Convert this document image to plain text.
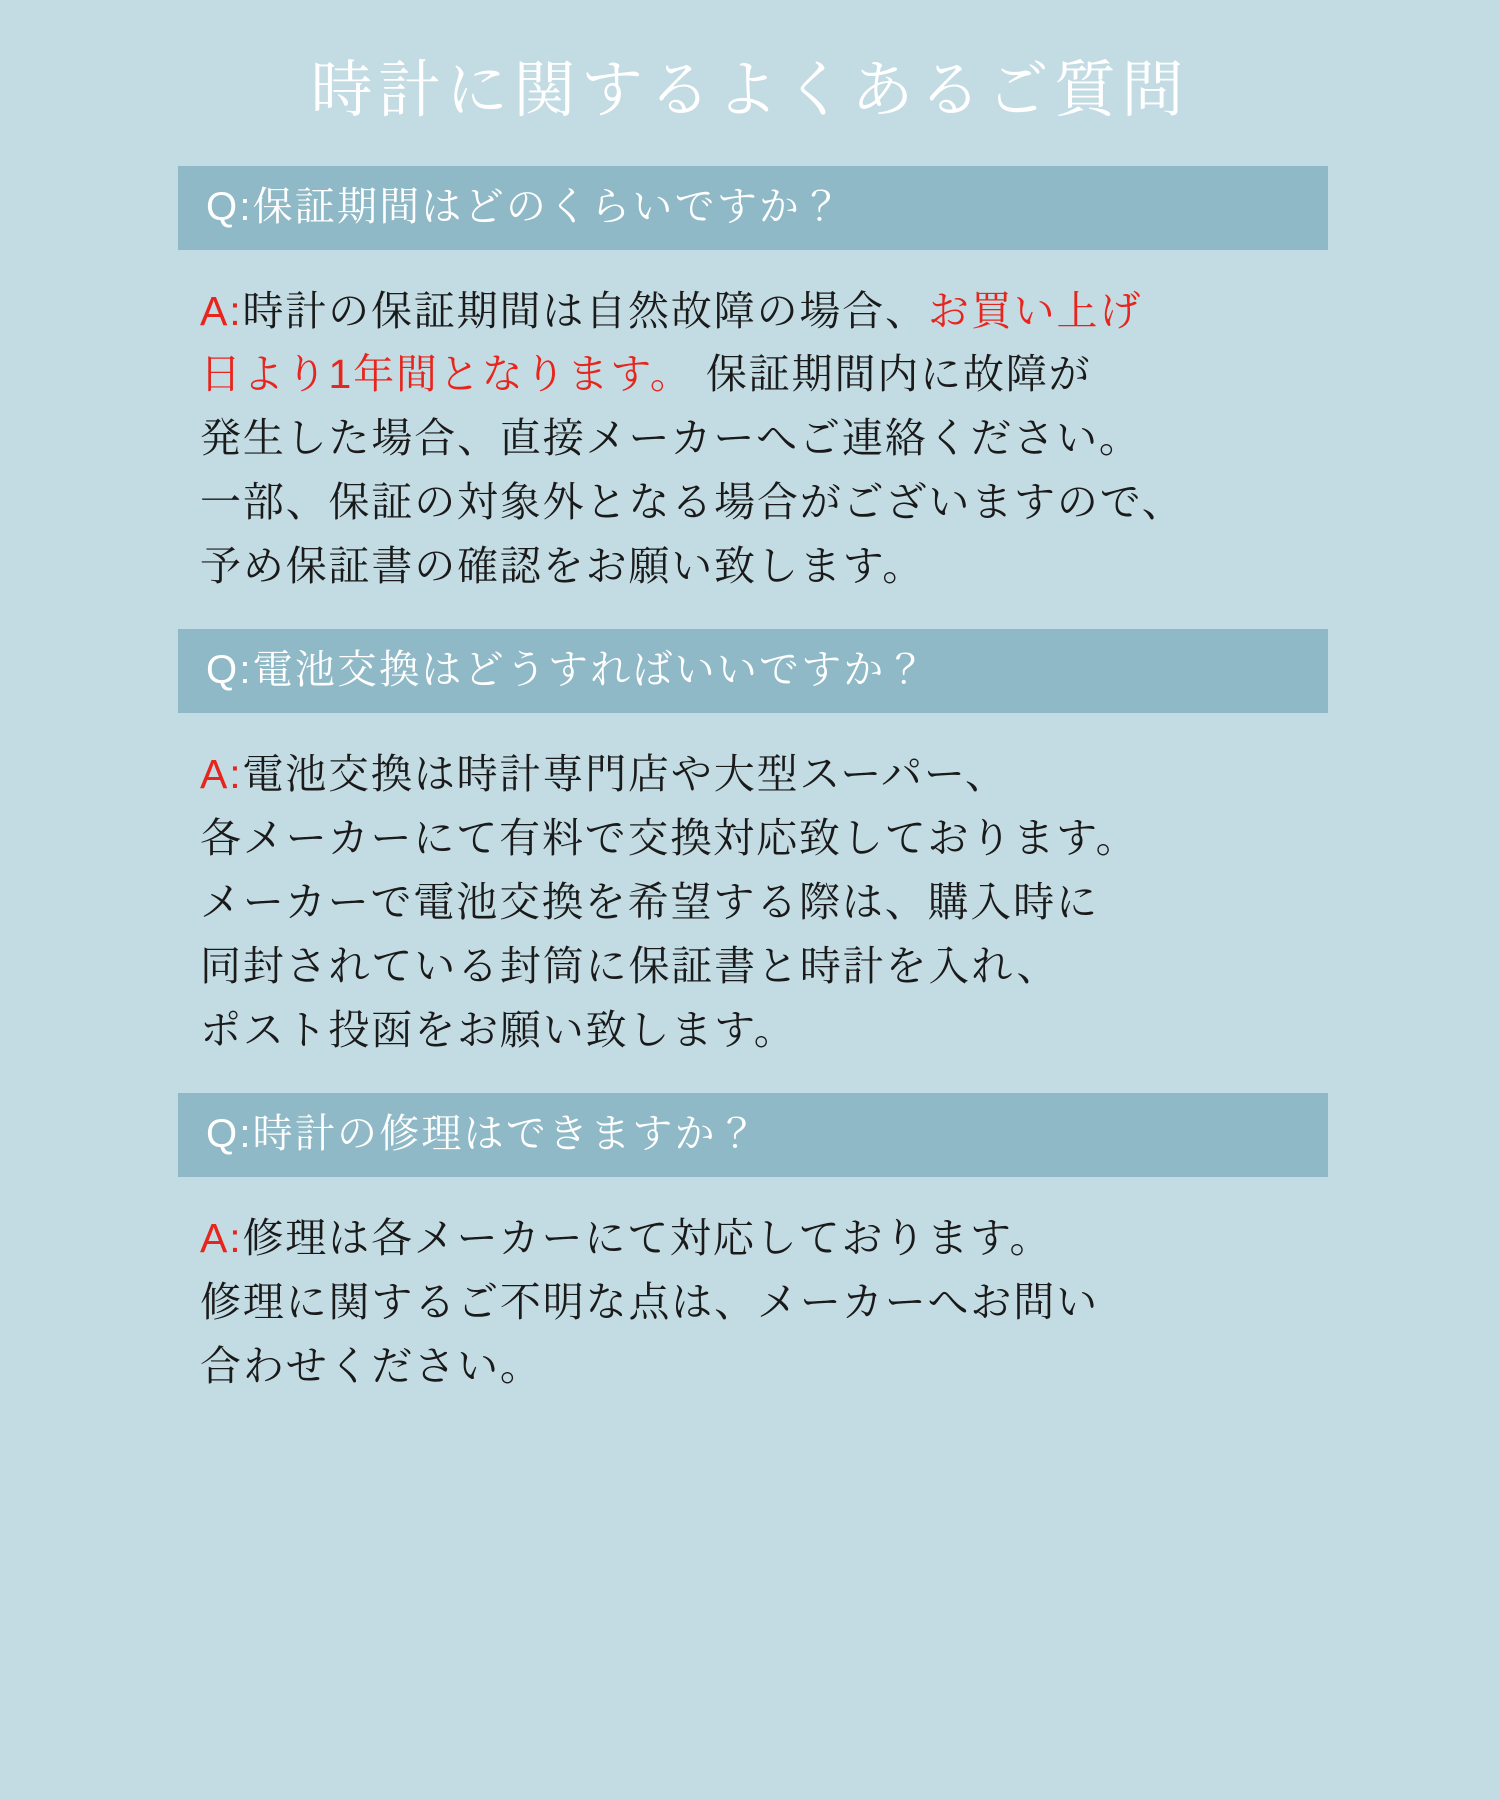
時計に関するよくあるご質問
Q:保証期間はどのくらいですか？
A:時計の保証期間は自然故障の場合、お買い上げ
日より1年間となります。 保証期間内に故障が
発生した場合、直接メーカーへご連絡ください。
一部、保証の対象外となる場合がございますので、
予め保証書の確認をお願い致します。
Q:電池交換はどうすればいいですか？
A:電池交換は時計専門店や大型スーパー、
各メーカーにて有料で交換対応致しております。
メーカーで電池交換を希望する際は、購入時に
同封されている封筒に保証書と時計を入れ、
ポスト投函をお願い致します。
Q:時計の修理はできますか？
A:修理は各メーカーにて対応しております。
修理に関するご不明な点は、メーカーへお問い
合わせください。
